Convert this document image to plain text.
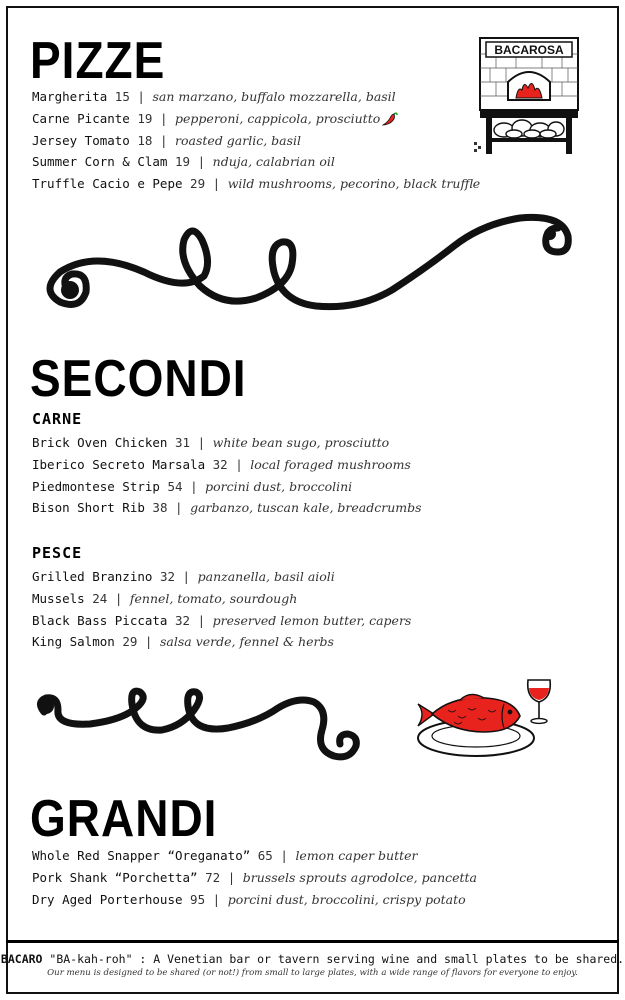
PIZZE	BACAROSA
Margherita 15 | san marzano, buffalo mozzarella, basil
Carne Picante 19 | pepperoni, cappicola, prosciutto
Jersey Tomato 18 | roasted garlic, basil
Summer Corn & Clam 19 | nduja, calabrian oil
Truffle Cacio e Pepe 29 | wild mushrooms, pecorino, black truffle
SECONDI
CARNE
Brick Oven Chicken 31 | white bean sugo, prosciutto
Iberico Secreto Marsala 32 | local foraged mushrooms
Piedmontese Strip 54 | porcini dust, broccolini
Bison Short Rib 38 | garbanzo, tuscan kale, breadcrumbs
PESCE
Grilled Branzino 32 | panzanella, basil aioli
Mussels 24 | fennel, tomato, sourdough
Black Bass Piccata 32 | preserved lemon butter, capers
King Salmon 29 | salsa verde, fennel & herbs
GRANDI
Whole Red Snapper “Oreganato” 65 | lemon caper butter
Pork Shank “Porchetta” 72 | brussels sprouts agrodolce, pancetta
Dry Aged Porterhouse 95 | porcini dust, broccolini, crispy potato
BACARO "BA-kah-roh" : A Venetian bar or tavern serving wine and small plates to be shared.
Our menu is designed to be shared (or not!) from small to large plates, with a wide range of flavors for everyone to enjoy.
